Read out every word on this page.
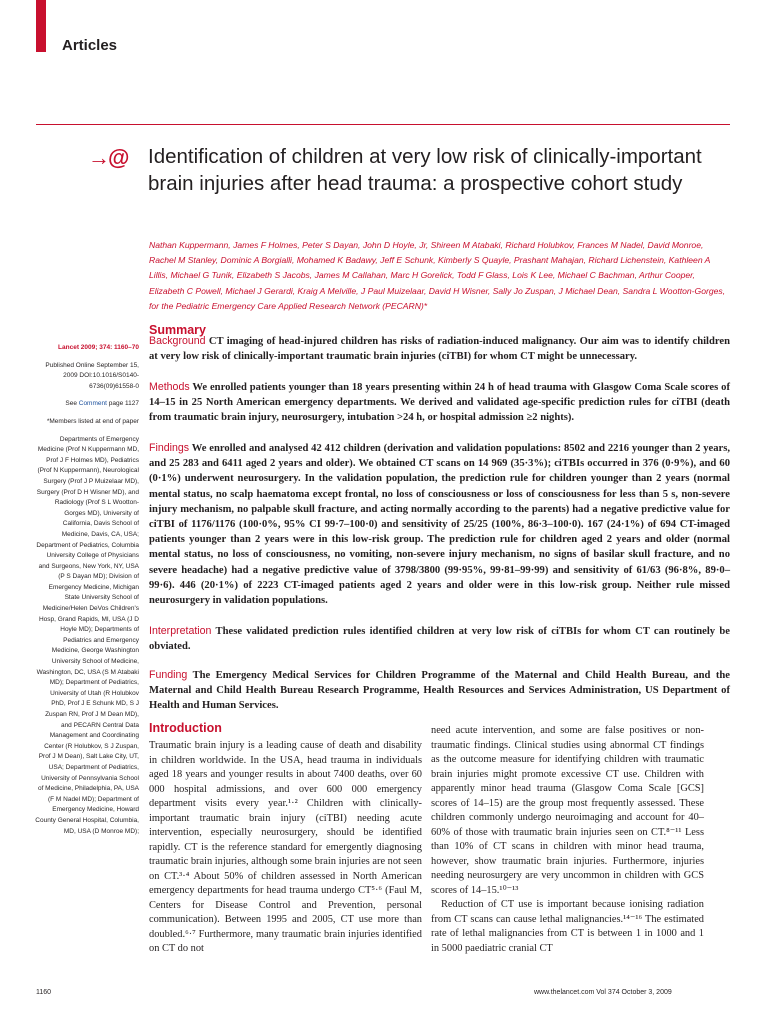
Articles
→@ Identification of children at very low risk of clinically-important brain injuries after head trauma: a prospective cohort study

Nathan Kuppermann, James F Holmes, Peter S Dayan, John D Hoyle, Jr, Shireen M Atabaki, Richard Holubkov, Frances M Nadel, David Monroe, Rachel M Stanley, Dominic A Borgialli, Mohamed K Badawy, Jeff E Schunk, Kimberly S Quayle, Prashant Mahajan, Richard Lichenstein, Kathleen A Lillis, Michael G Tunik, Elizabeth S Jacobs, James M Callahan, Marc H Gorelick, Todd F Glass, Lois K Lee, Michael C Bachman, Arthur Cooper, Elizabeth C Powell, Michael J Gerardi, Kraig A Melville, J Paul Muizelaar, David H Wisner, Sally Jo Zuspan, J Michael Dean, Sandra L Wootton-Gorges, for the Pediatric Emergency Care Applied Research Network (PECARN)*

Summary

Lancet 2009; 374: 1160–70

Published Online September 15, 2009 DOI:10.1016/S0140-6736(09)61558-0

See Comment page 1127

*Members listed at end of paper

Departments of Emergency Medicine (Prof N Kuppermann MD, Prof J F Holmes MD), Pediatrics (Prof N Kuppermann), Neurological Surgery (Prof J P Muizelaar MD), Surgery (Prof D H Wisner MD), and Radiology (Prof S L Wootton-Gorges MD), University of California, Davis School of Medicine, Davis, CA, USA; Department of Pediatrics, Columbia University College of Physicians and Surgeons, New York, NY, USA (P S Dayan MD); Division of Emergency Medicine, Michigan State University School of Medicine/Helen DeVos Children's Hosp, Grand Rapids, MI, USA (J D Hoyle MD); Departments of Pediatrics and Emergency Medicine, George Washington University School of Medicine, Washington, DC, USA (S M Atabaki MD); Department of Pediatrics, University of Utah (R Holubkov PhD, Prof J E Schunk MD, S J Zuspan RN, Prof J M Dean MD), and PECARN Central Data Management and Coordinating Center (R Holubkov, S J Zuspan, Prof J M Dean), Salt Lake City, UT, USA; Department of Pediatrics, University of Pennsylvania School of Medicine, Philadelphia, PA, USA (F M Nadel MD); Department of Emergency Medicine, Howard County General Hospital, Columbia, MD, USA (D Monroe MD);

Background CT imaging of head-injured children has risks of radiation-induced malignancy. Our aim was to identify children at very low risk of clinically-important traumatic brain injuries (ciTBI) for whom CT might be unnecessary.

Methods We enrolled patients younger than 18 years presenting within 24 h of head trauma with Glasgow Coma Scale scores of 14–15 in 25 North American emergency departments. We derived and validated age-specific prediction rules for ciTBI (death from traumatic brain injury, neurosurgery, intubation >24 h, or hospital admission ≥2 nights).

Findings We enrolled and analysed 42 412 children (derivation and validation populations: 8502 and 2216 younger than 2 years, and 25 283 and 6411 aged 2 years and older). We obtained CT scans on 14 969 (35·3%); ciTBIs occurred in 376 (0·9%), and 60 (0·1%) underwent neurosurgery. In the validation population, the prediction rule for children younger than 2 years (normal mental status, no scalp haematoma except frontal, no loss of consciousness or loss of consciousness for less than 5 s, non-severe injury mechanism, no palpable skull fracture, and acting normally according to the parents) had a negative predictive value for ciTBI of 1176/1176 (100·0%, 95% CI 99·7–100·0) and sensitivity of 25/25 (100%, 86·3–100·0). 167 (24·1%) of 694 CT-imaged patients younger than 2 years were in this low-risk group. The prediction rule for children aged 2 years and older (normal mental status, no loss of consciousness, no vomiting, non-severe injury mechanism, no signs of basilar skull fracture, and no severe headache) had a negative predictive value of 3798/3800 (99·95%, 99·81–99·99) and sensitivity of 61/63 (96·8%, 89·0–99·6). 446 (20·1%) of 2223 CT-imaged patients aged 2 years and older were in this low-risk group. Neither rule missed neurosurgery in validation populations.

Interpretation These validated prediction rules identified children at very low risk of ciTBIs for whom CT can routinely be obviated.

Funding The Emergency Medical Services for Children Programme of the Maternal and Child Health Bureau, and the Maternal and Child Health Bureau Research Programme, Health Resources and Services Administration, US Department of Health and Human Services.

Introduction

Traumatic brain injury is a leading cause of death and disability in children worldwide. In the USA, head trauma in individuals aged 18 years and younger results in about 7400 deaths, over 60 000 hospital admissions, and over 600 000 emergency department visits every year.¹·² Children with clinically-important traumatic brain injury (ciTBI) needing acute intervention, especially neurosurgery, should be identified rapidly. CT is the reference standard for emergently diagnosing traumatic brain injuries, although some brain injuries are not seen on CT.³·⁴ About 50% of children assessed in North American emergency departments for head trauma undergo CT⁵·⁶ (Faul M, Centers for Disease Control and Prevention, personal communication). Between 1995 and 2005, CT use more than doubled.⁶·⁷ Furthermore, many traumatic brain injuries identified on CT do not

need acute intervention, and some are false positives or non-traumatic findings. Clinical studies using abnormal CT findings as the outcome measure for identifying children with traumatic brain injuries might promote excessive CT use. Children with apparently minor head trauma (Glasgow Coma Scale [GCS] scores of 14–15) are the group most frequently assessed. These children commonly undergo neuroimaging and account for 40–60% of those with traumatic brain injuries seen on CT.⁸⁻¹¹ Less than 10% of CT scans in children with minor head trauma, however, show traumatic brain injuries. Furthermore, injuries needing neurosurgery are very uncommon in children with GCS scores of 14–15.¹⁰⁻¹³
Reduction of CT use is important because ionising radiation from CT scans can cause lethal malignancies.¹⁴⁻¹⁶ The estimated rate of lethal malignancies from CT is between 1 in 1000 and 1 in 5000 paediatric cranial CT
1160	www.thelancet.com Vol 374 October 3, 2009
